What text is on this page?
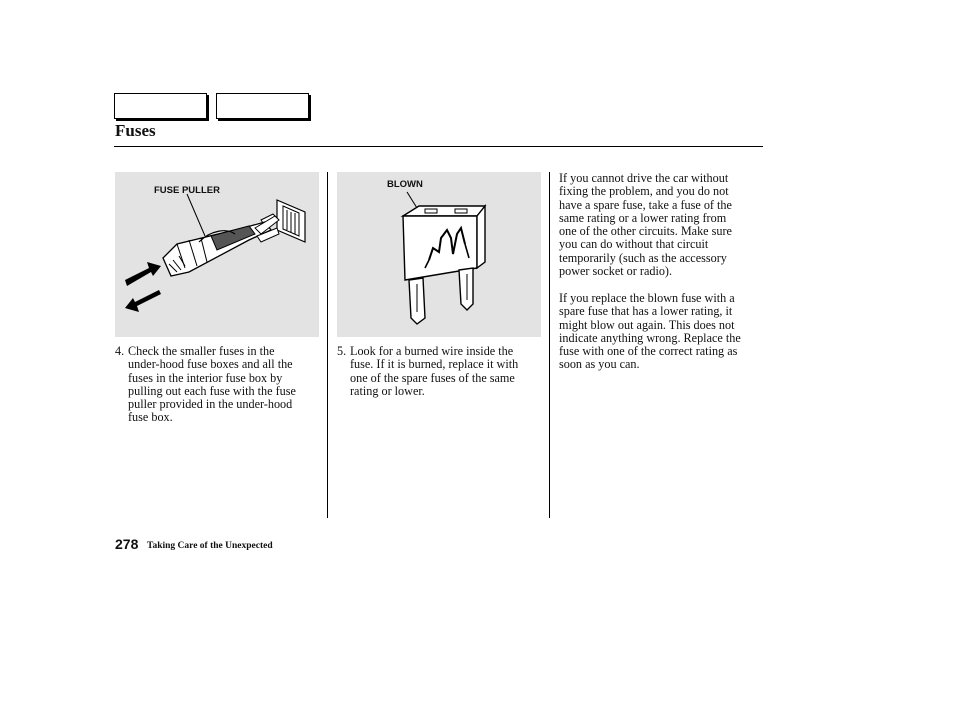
Fuses
FUSE PULLER
BLOWN
4. Check the smaller fuses in the
under-hood fuse boxes and all the
fuses in the interior fuse box by
pulling out each fuse with the fuse
puller provided in the under-hood
fuse box.
5. Look for a burned wire inside the
fuse. If it is burned, replace it with
one of the spare fuses of the same
rating or lower.
If you cannot drive the car without
fixing the problem, and you do not
have a spare fuse, take a fuse of the
same rating or a lower rating from
one of the other circuits. Make sure
you can do without that circuit
temporarily (such as the accessory
power socket or radio).
If you replace the blown fuse with a
spare fuse that has a lower rating, it
might blow out again. This does not
indicate anything wrong. Replace the
fuse with one of the correct rating as
soon as you can.
278 Taking Care of the Unexpected
